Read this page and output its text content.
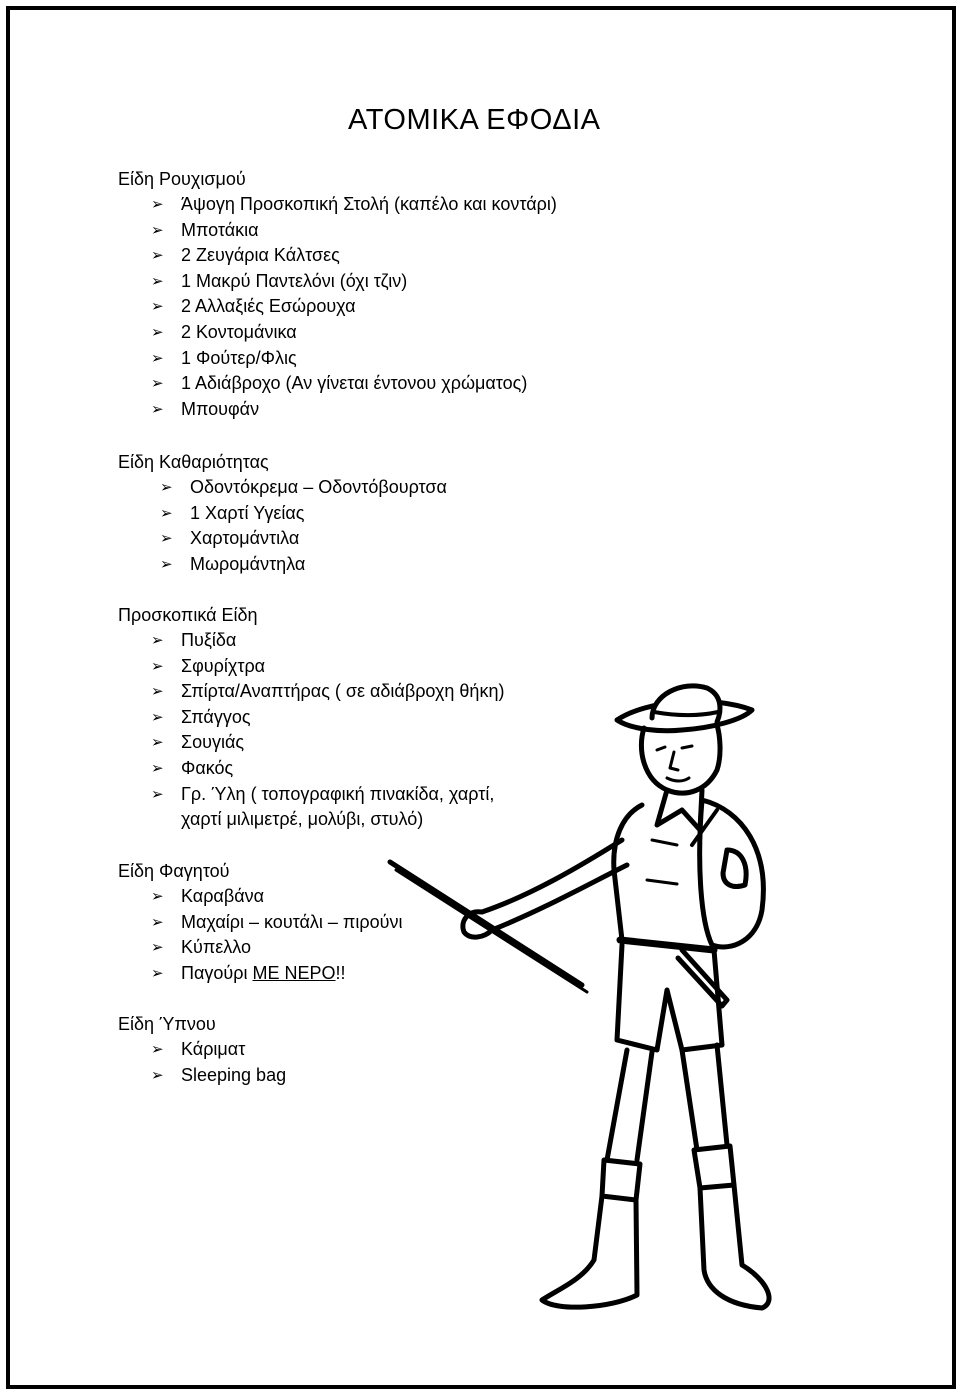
ΑΤΟΜΙΚΑ ΕΦΟΔΙΑ
Είδη Ρουχισμού
➢ Άψογη Προσκοπική Στολή (καπέλο και κοντάρι)
➢ Μποτάκια
➢ 2 Ζευγάρια Κάλτσες
➢ 1 Μακρύ Παντελόνι (όχι τζιν)
➢ 2 Αλλαξιές Εσώρουχα
➢ 2 Κοντομάνικα
➢ 1 Φούτερ/Φλις
➢ 1 Αδιάβροχο (Αν γίνεται έντονου χρώματος)
➢ Μπουφάν
Είδη Καθαριότητας
➢ Οδοντόκρεμα – Οδοντόβουρτσα
➢ 1 Χαρτί Υγείας
➢ Χαρτομάντιλα
➢ Μωρομάντηλα
Προσκοπικά Είδη
➢ Πυξίδα
➢ Σφυρίχτρα
➢ Σπίρτα/Αναπτήρας ( σε αδιάβροχη θήκη)
➢ Σπάγγος
➢ Σουγιάς
➢ Φακός
➢ Γρ. Ύλη ( τοπογραφική πινακίδα, χαρτί,
χαρτί μιλιμετρέ, μολύβι, στυλό)
Είδη Φαγητού
➢ Καραβάνα
➢ Μαχαίρι – κουτάλι – πιρούνι
➢ Κύπελλο
➢ Παγούρι ΜΕ ΝΕΡΟ!!
Είδη Ύπνου
➢ Κάριματ
➢ Sleeping bag
